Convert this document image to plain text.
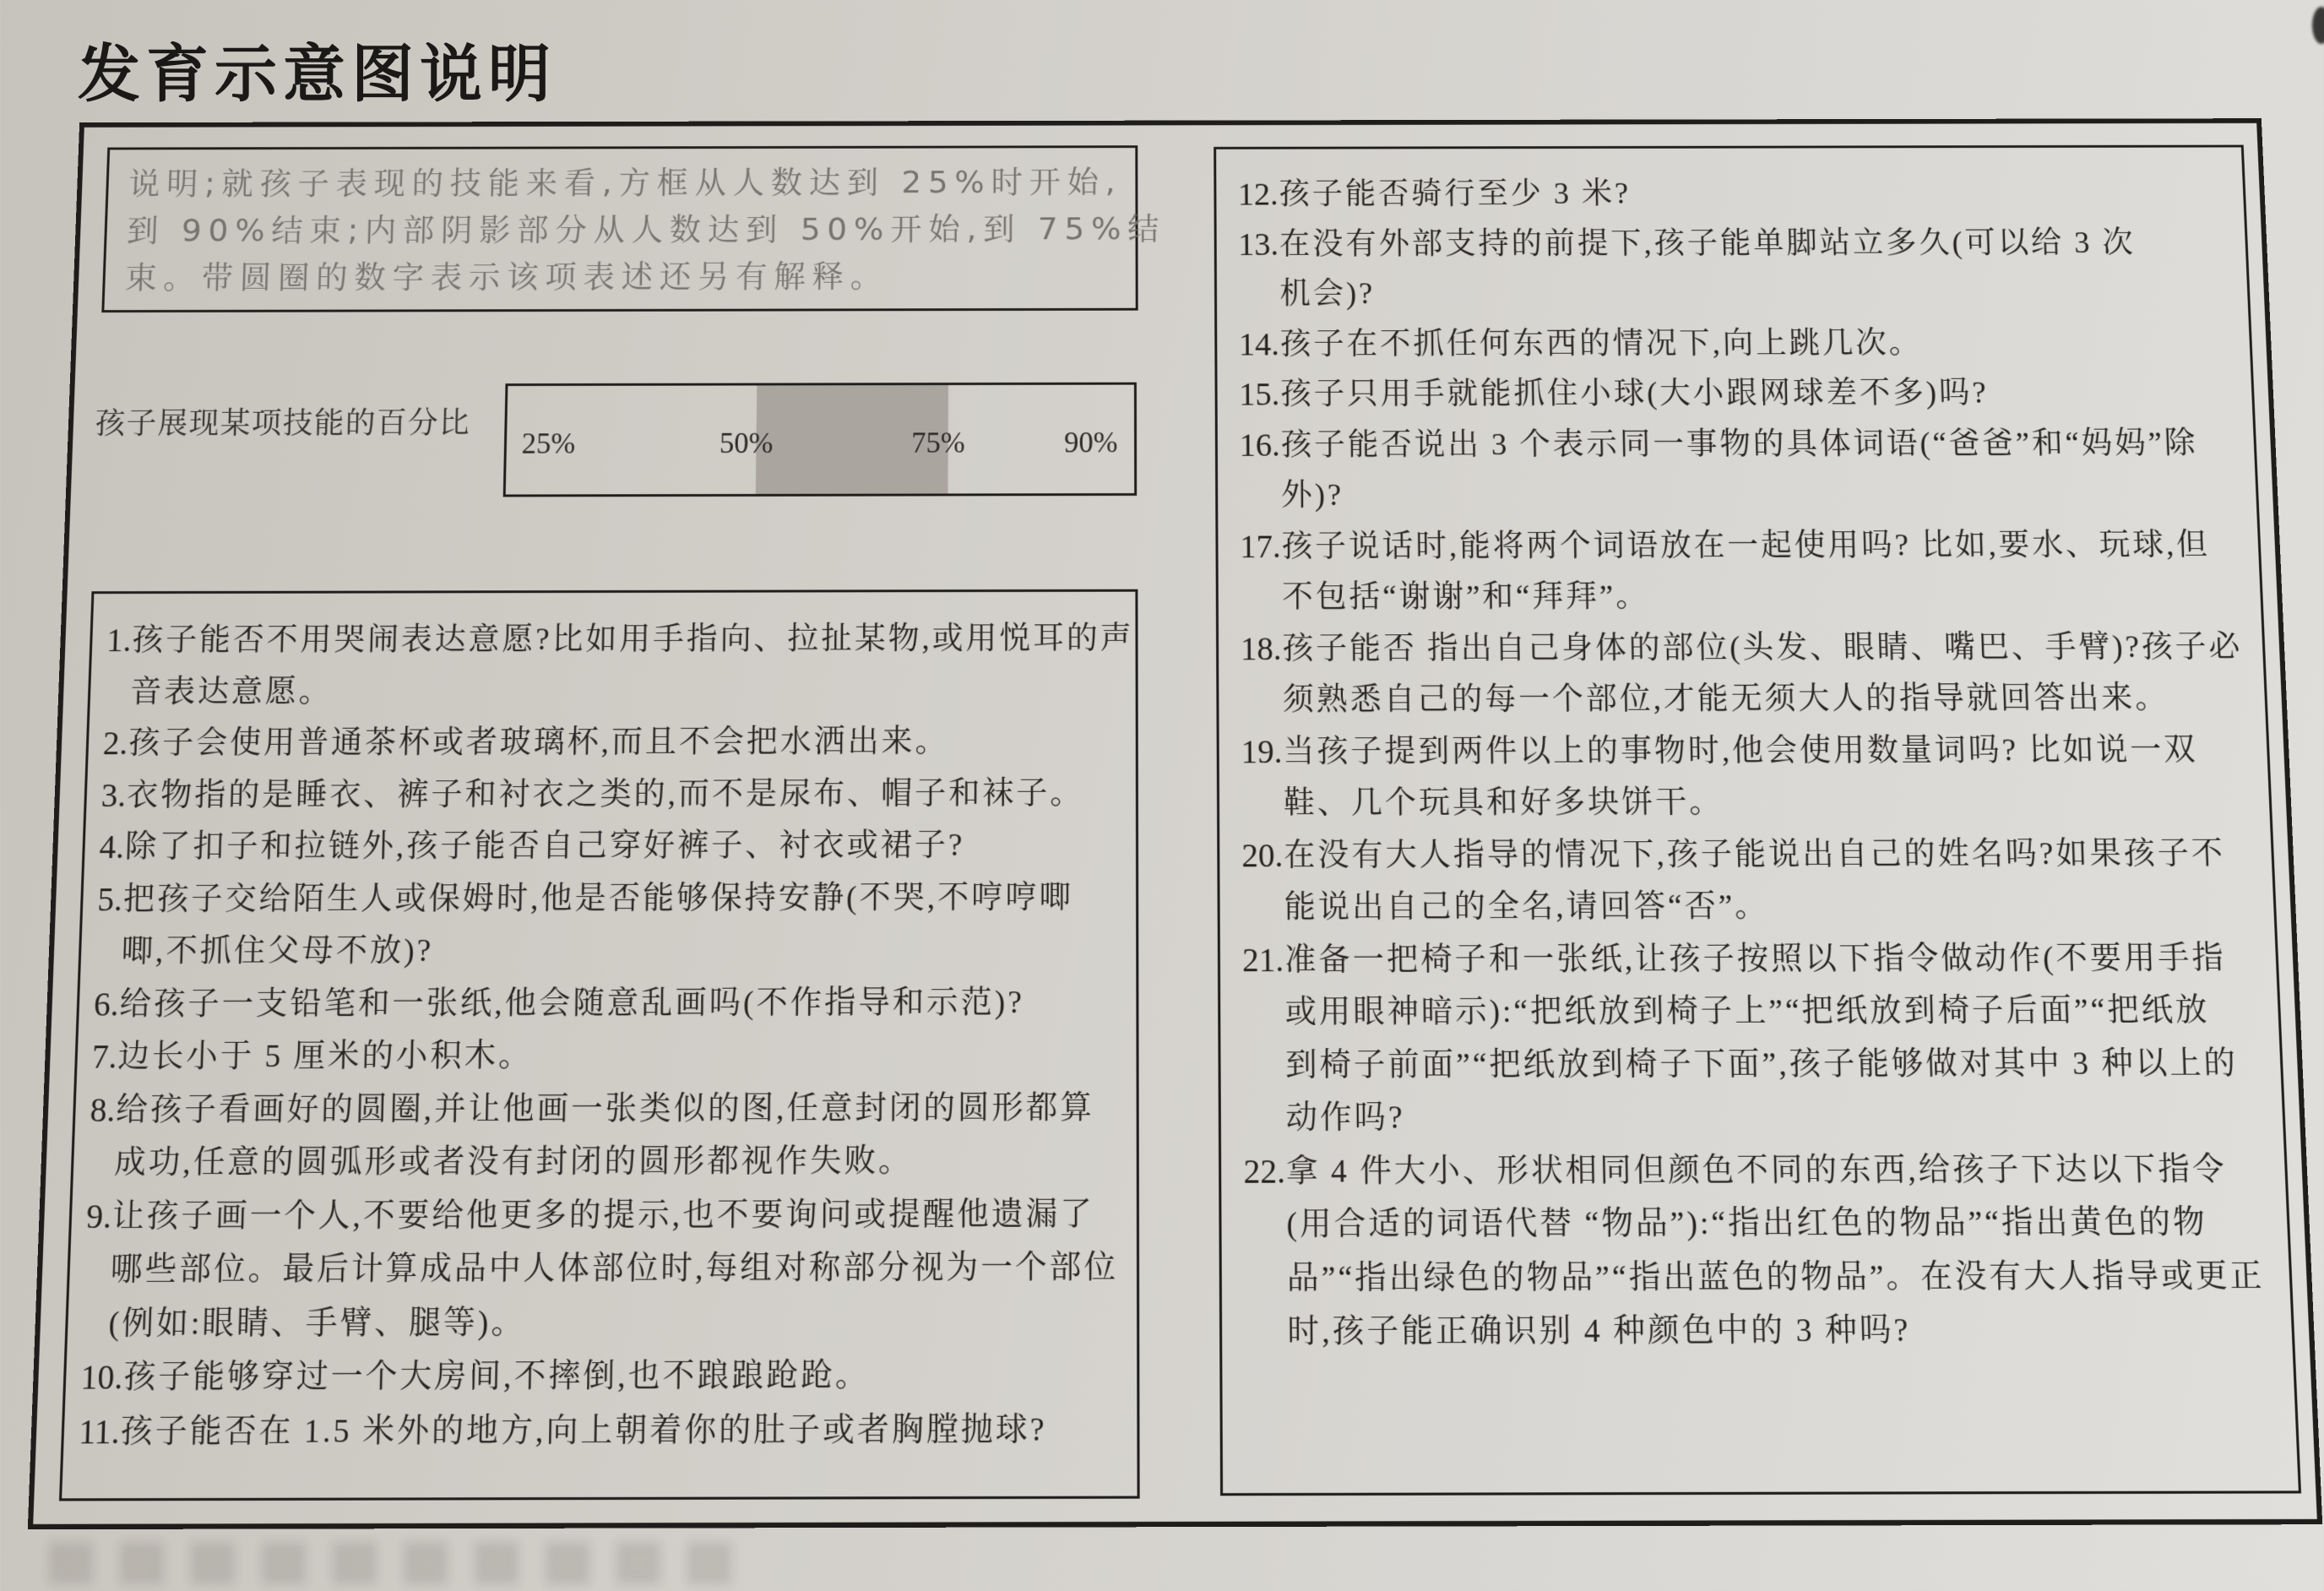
发育示意图说明
说明;就孩子表现的技能来看,方框从人数达到 25%时开始,
到 90%结束;内部阴影部分从人数达到 50%开始,到 75%结
束。带圆圈的数字表示该项表述还另有解释。
孩子展现某项技能的百分比
25%	50%	75%	90%
1. 孩子能否不用哭闹表达意愿?比如用手指向、拉扯某物,或用悦耳的声
音表达意愿。
2. 孩子会使用普通茶杯或者玻璃杯,而且不会把水洒出来。
3. 衣物指的是睡衣、裤子和衬衣之类的,而不是尿布、帽子和袜子。
4. 除了扣子和拉链外,孩子能否自己穿好裤子、衬衣或裙子?
5. 把孩子交给陌生人或保姆时,他是否能够保持安静(不哭,不哼哼唧
唧,不抓住父母不放)?
6. 给孩子一支铅笔和一张纸,他会随意乱画吗(不作指导和示范)?
7. 边长小于 5 厘米的小积木。
8. 给孩子看画好的圆圈,并让他画一张类似的图,任意封闭的圆形都算
成功,任意的圆弧形或者没有封闭的圆形都视作失败。
9. 让孩子画一个人,不要给他更多的提示,也不要询问或提醒他遗漏了
哪些部位。最后计算成品中人体部位时,每组对称部分视为一个部位
(例如:眼睛、手臂、腿等)。
10. 孩子能够穿过一个大房间,不摔倒,也不踉踉跄跄。
11. 孩子能否在 1.5 米外的地方,向上朝着你的肚子或者胸膛抛球?
12. 孩子能否骑行至少 3 米?
13. 在没有外部支持的前提下,孩子能单脚站立多久(可以给 3 次
机会)?
14. 孩子在不抓任何东西的情况下,向上跳几次。
15. 孩子只用手就能抓住小球(大小跟网球差不多)吗?
16. 孩子能否说出 3 个表示同一事物的具体词语(“爸爸”和“妈妈”除
外)?
17. 孩子说话时,能将两个词语放在一起使用吗? 比如,要水、玩球,但
不包括“谢谢”和“拜拜”。
18. 孩子能否 指出自己身体的部位(头发、眼睛、嘴巴、手臂)?孩子必
须熟悉自己的每一个部位,才能无须大人的指导就回答出来。
19. 当孩子提到两件以上的事物时,他会使用数量词吗? 比如说一双
鞋、几个玩具和好多块饼干。
20. 在没有大人指导的情况下,孩子能说出自己的姓名吗?如果孩子不
能说出自己的全名,请回答“否”。
21. 准备一把椅子和一张纸,让孩子按照以下指令做动作(不要用手指
或用眼神暗示):“把纸放到椅子上”“把纸放到椅子后面”“把纸放
到椅子前面”“把纸放到椅子下面”,孩子能够做对其中 3 种以上的
动作吗?
22. 拿 4 件大小、形状相同但颜色不同的东西,给孩子下达以下指令
(用合适的词语代替 “物品”):“指出红色的物品”“指出黄色的物
品”“指出绿色的物品”“指出蓝色的物品”。在没有大人指导或更正
时,孩子能正确识别 4 种颜色中的 3 种吗?
